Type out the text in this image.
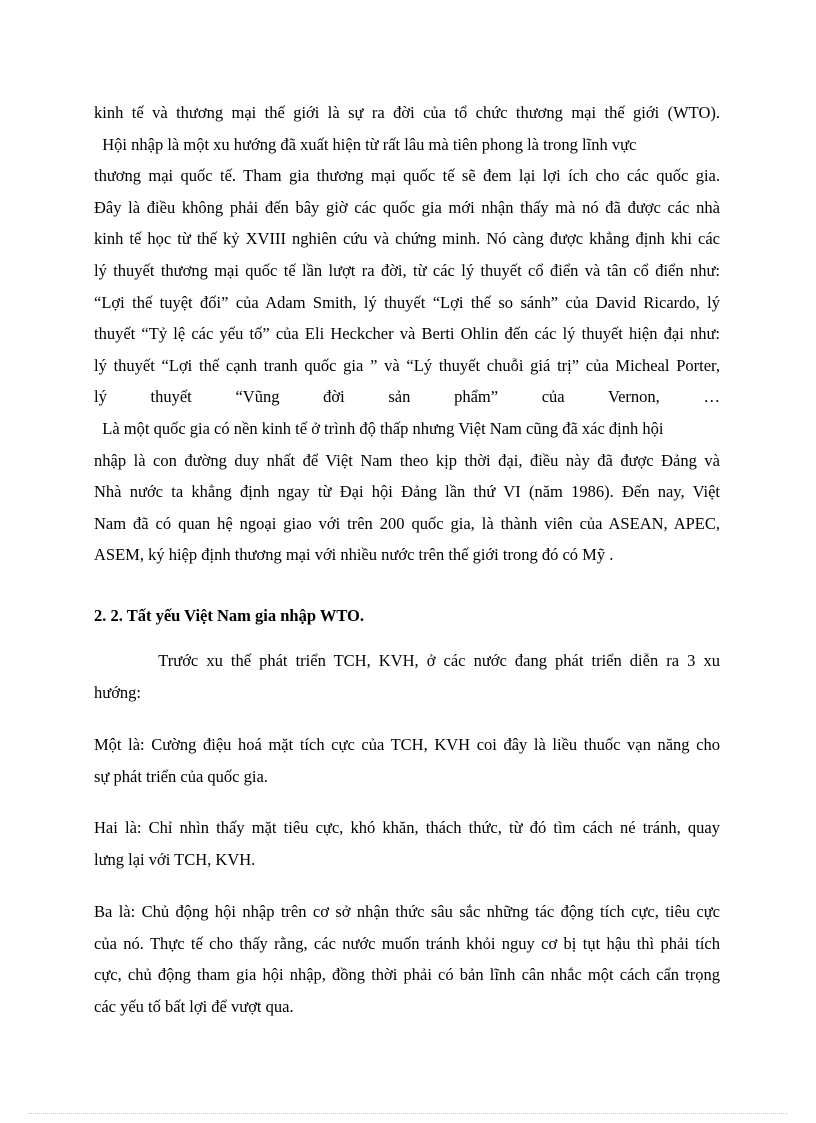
kinh tế và thương mại thế giới là sự ra đời của tổ chức thương mại thế giới (WTO).
Hội nhập là một xu hướng đã xuất hiện từ rất lâu mà tiên phong là trong lĩnh vực
thương mại quốc tế. Tham gia thương mại quốc tế sẽ đem lại lợi ích cho các quốc gia.
Đây là điều không phải đến bây giờ các quốc gia mới nhận thấy mà nó đã được các nhà
kinh tế học từ thế kỷ XVIII nghiên cứu và chứng minh. Nó càng được khẳng định khi các
lý thuyết thương mại quốc tế lần lượt ra đời, từ các lý thuyết cổ điển và tân cổ điển như:
“Lợi thế tuyệt đối” của Adam Smith, lý thuyết “Lợi thế so sánh” của David Ricardo, lý
thuyết “Tỷ lệ các yếu tố” của Eli Heckcher và Berti Ohlin đến các lý thuyết hiện đại như:
lý thuyết “Lợi thế cạnh tranh quốc gia ” và “Lý thuyết chuỗi giá trị” của Micheal Porter,
lý thuyết “Vũng đời sản phẩm” của Vernon, …
Là một quốc gia có nền kinh tế ở trình độ thấp nhưng Việt Nam cũng đã xác định hội
nhập là con đường duy nhất để Việt Nam theo kịp thời đại, điều này đã được Đảng và
Nhà nước ta khẳng định ngay từ Đại hội Đảng lần thứ VI (năm 1986). Đến nay, Việt
Nam đã có quan hệ ngoại giao với trên 200 quốc gia, là thành viên của ASEAN, APEC,
ASEM, ký hiệp định thương mại với nhiều nước trên thế giới trong đó có Mỹ .
2. 2. Tất yếu Việt Nam gia nhập WTO.
Trước xu thế phát triển TCH, KVH, ở các nước đang phát triển diễn ra 3 xu
hướng:
Một là: Cường điệu hoá mặt tích cực của TCH, KVH coi đây là liều thuốc vạn năng cho
sự phát triển của quốc gia.
Hai là: Chỉ nhìn thấy mặt tiêu cực, khó khăn, thách thức, từ đó tìm cách né tránh, quay
lưng lại với TCH, KVH.
Ba là: Chủ động hội nhập trên cơ sở nhận thức sâu sắc những tác động tích cực, tiêu cực
của nó. Thực tế cho thấy rằng, các nước muốn tránh khỏi nguy cơ bị tụt hậu thì phải tích
cực, chủ động tham gia hội nhập, đồng thời phải có bản lĩnh cân nhắc một cách cẩn trọng
các yếu tố bất lợi để vượt qua.
